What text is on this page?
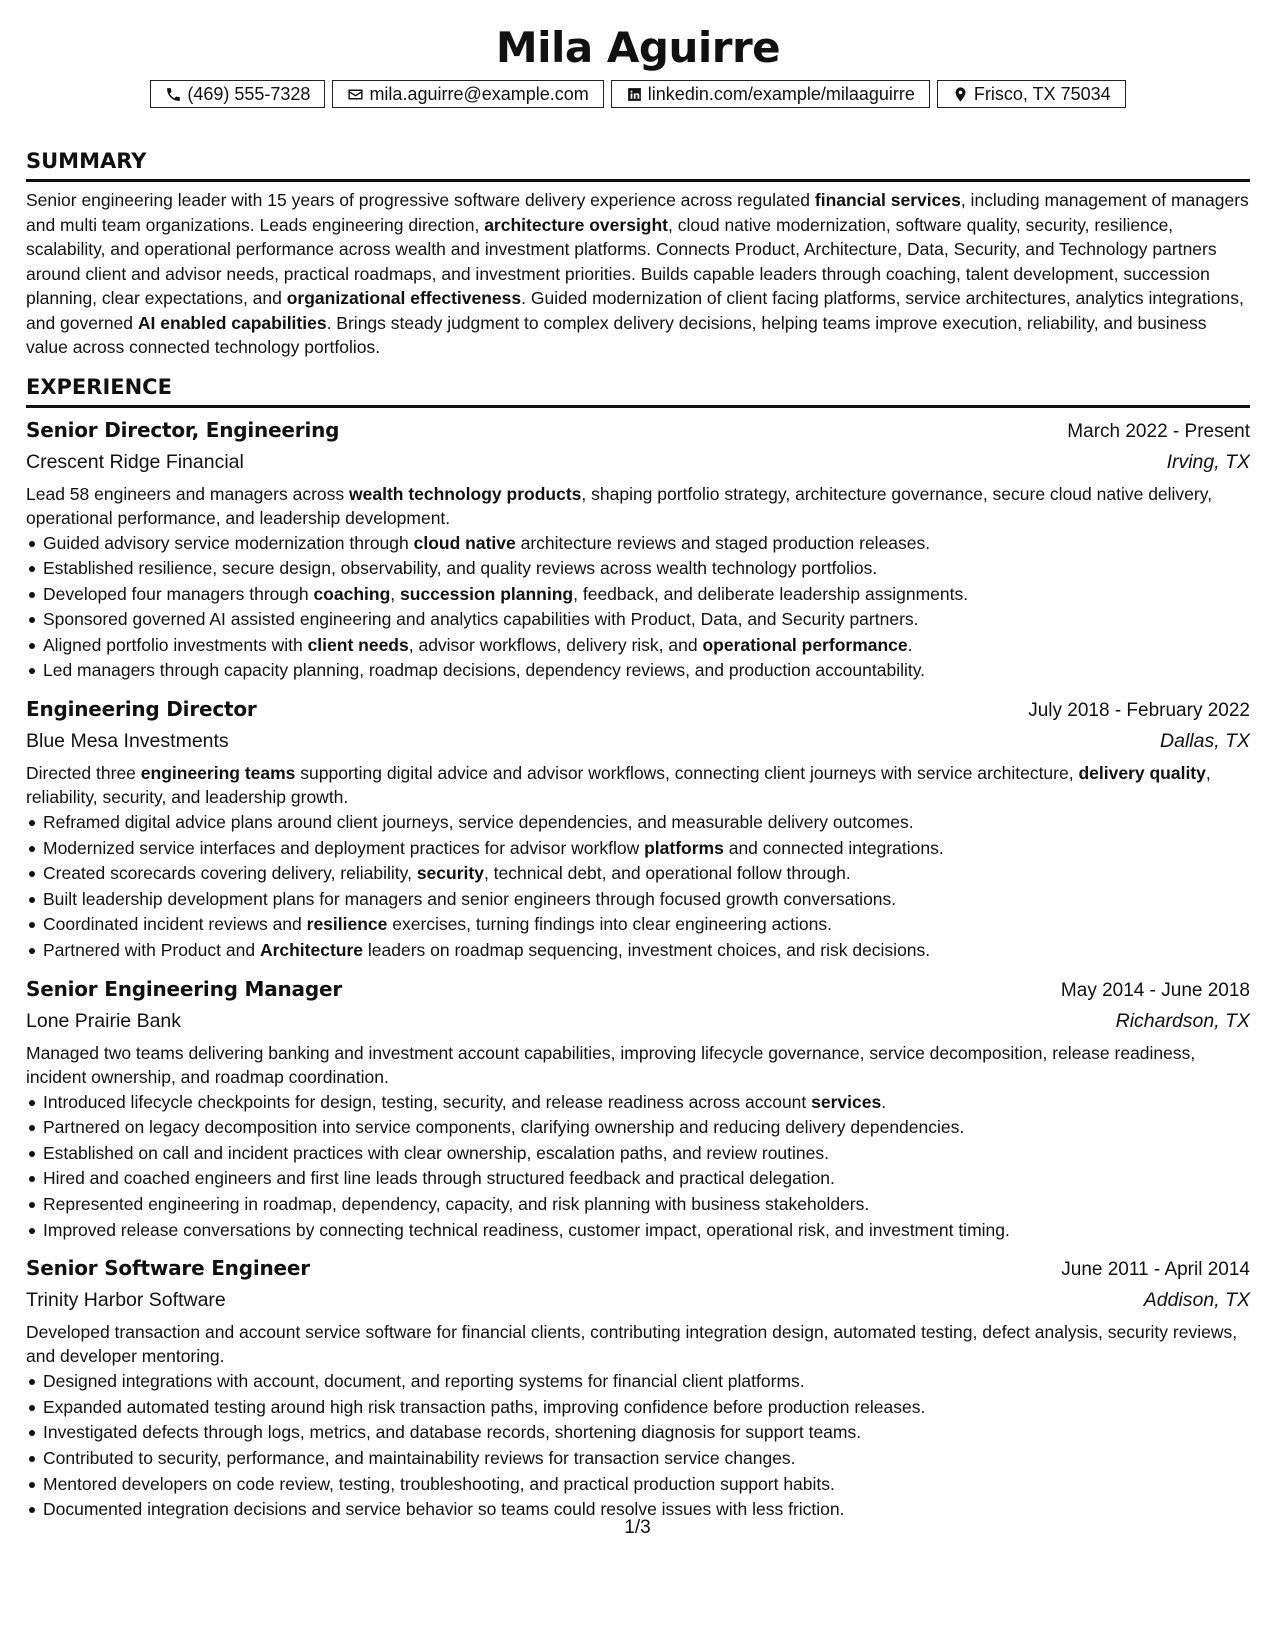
Mila Aguirre
(469) 555-7328	mila.aguirre@example.com	linkedin.com/example/milaaguirre	Frisco, TX 75034
SUMMARY
Senior engineering leader with 15 years of progressive software delivery experience across regulated financial services, including management of managers and multi team organizations. Leads engineering direction, architecture oversight, cloud native modernization, software quality, security, resilience, scalability, and operational performance across wealth and investment platforms. Connects Product, Architecture, Data, Security, and Technology partners around client and advisor needs, practical roadmaps, and investment priorities. Builds capable leaders through coaching, talent development, succession planning, clear expectations, and organizational effectiveness. Guided modernization of client facing platforms, service architectures, analytics integrations, and governed AI enabled capabilities. Brings steady judgment to complex delivery decisions, helping teams improve execution, reliability, and business value across connected technology portfolios.
EXPERIENCE
Senior Director, Engineering	March 2022 - Present
Crescent Ridge Financial	Irving, TX
Lead 58 engineers and managers across wealth technology products, shaping portfolio strategy, architecture governance, secure cloud native delivery, operational performance, and leadership development.
Guided advisory service modernization through cloud native architecture reviews and staged production releases.
Established resilience, secure design, observability, and quality reviews across wealth technology portfolios.
Developed four managers through coaching, succession planning, feedback, and deliberate leadership assignments.
Sponsored governed AI assisted engineering and analytics capabilities with Product, Data, and Security partners.
Aligned portfolio investments with client needs, advisor workflows, delivery risk, and operational performance.
Led managers through capacity planning, roadmap decisions, dependency reviews, and production accountability.
Engineering Director	July 2018 - February 2022
Blue Mesa Investments	Dallas, TX
Directed three engineering teams supporting digital advice and advisor workflows, connecting client journeys with service architecture, delivery quality, reliability, security, and leadership growth.
Reframed digital advice plans around client journeys, service dependencies, and measurable delivery outcomes.
Modernized service interfaces and deployment practices for advisor workflow platforms and connected integrations.
Created scorecards covering delivery, reliability, security, technical debt, and operational follow through.
Built leadership development plans for managers and senior engineers through focused growth conversations.
Coordinated incident reviews and resilience exercises, turning findings into clear engineering actions.
Partnered with Product and Architecture leaders on roadmap sequencing, investment choices, and risk decisions.
Senior Engineering Manager	May 2014 - June 2018
Lone Prairie Bank	Richardson, TX
Managed two teams delivering banking and investment account capabilities, improving lifecycle governance, service decomposition, release readiness, incident ownership, and roadmap coordination.
Introduced lifecycle checkpoints for design, testing, security, and release readiness across account services.
Partnered on legacy decomposition into service components, clarifying ownership and reducing delivery dependencies.
Established on call and incident practices with clear ownership, escalation paths, and review routines.
Hired and coached engineers and first line leads through structured feedback and practical delegation.
Represented engineering in roadmap, dependency, capacity, and risk planning with business stakeholders.
Improved release conversations by connecting technical readiness, customer impact, operational risk, and investment timing.
Senior Software Engineer	June 2011 - April 2014
Trinity Harbor Software	Addison, TX
Developed transaction and account service software for financial clients, contributing integration design, automated testing, defect analysis, security reviews, and developer mentoring.
Designed integrations with account, document, and reporting systems for financial client platforms.
Expanded automated testing around high risk transaction paths, improving confidence before production releases.
Investigated defects through logs, metrics, and database records, shortening diagnosis for support teams.
Contributed to security, performance, and maintainability reviews for transaction service changes.
Mentored developers on code review, testing, troubleshooting, and practical production support habits.
Documented integration decisions and service behavior so teams could resolve issues with less friction.
1/3
